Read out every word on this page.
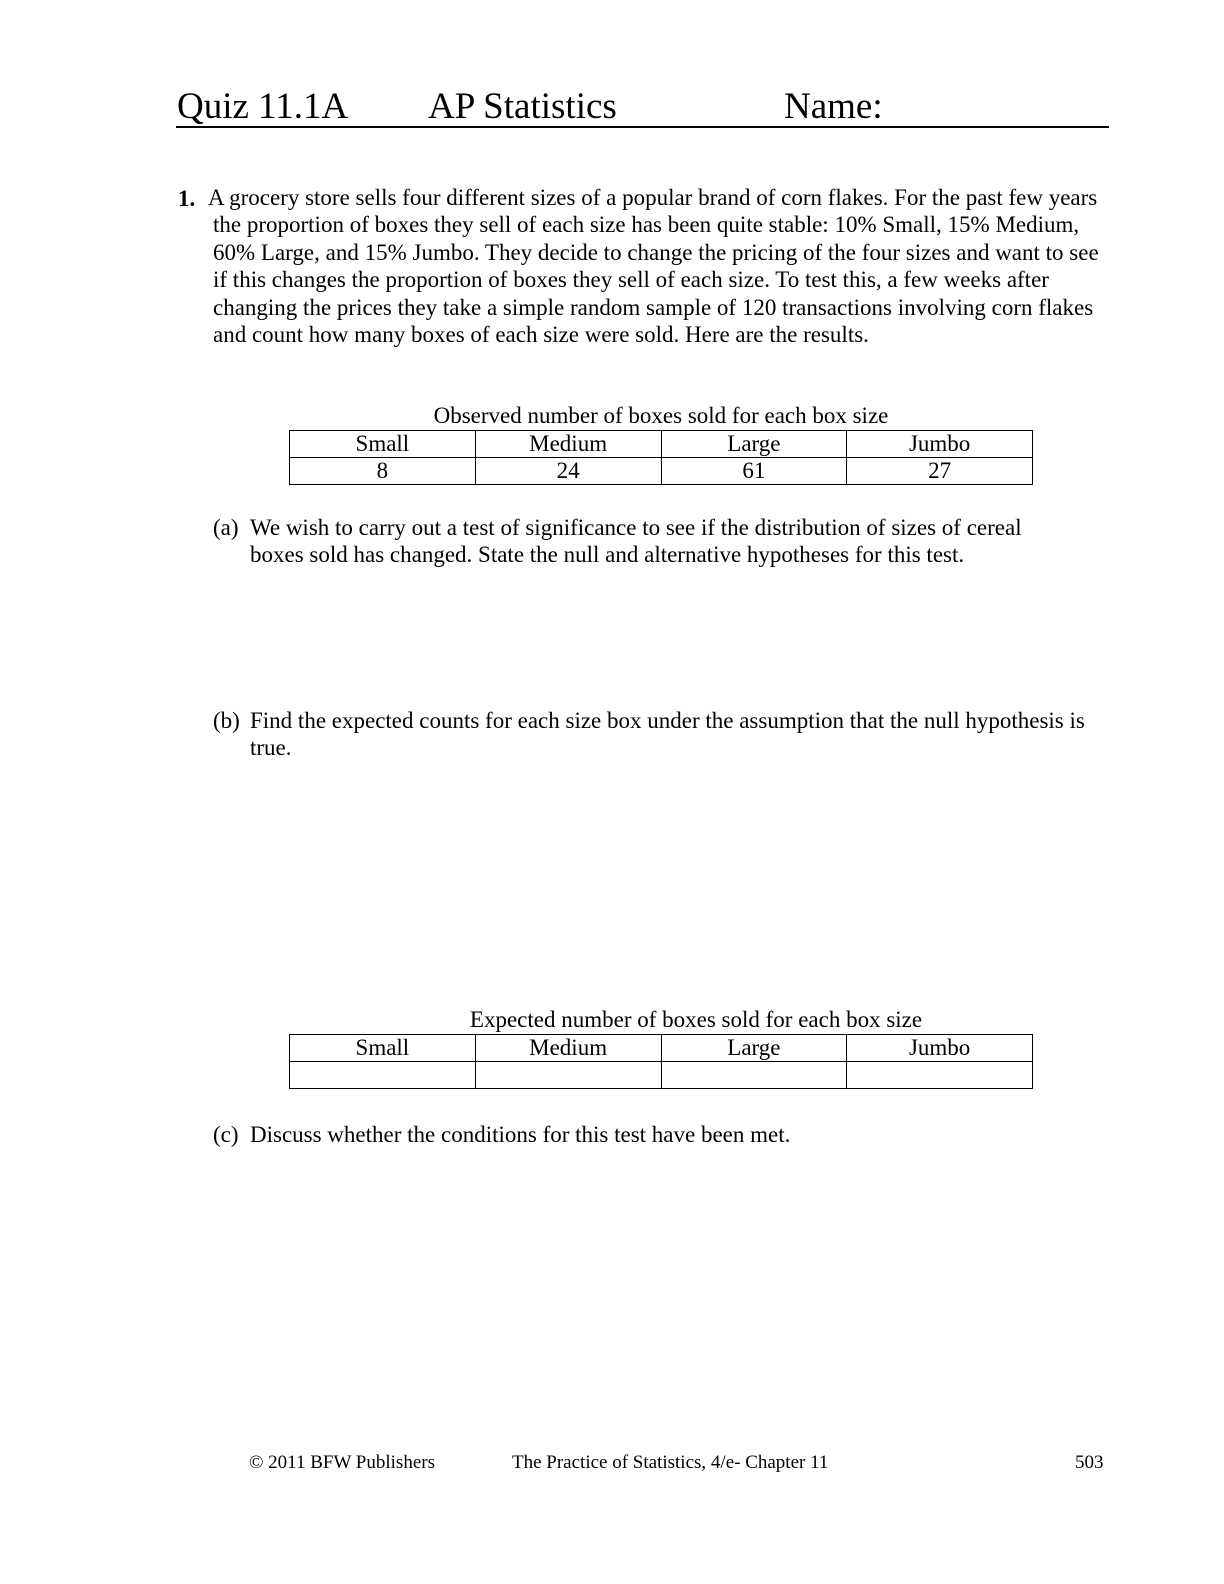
Quiz 11.1A AP Statistics	Name:
1. A grocery store sells four different sizes of a popular brand of corn flakes. For the past few years the proportion of boxes they sell of each size has been quite stable: 10% Small, 15% Medium, 60% Large, and 15% Jumbo. They decide to change the pricing of the four sizes and want to see if this changes the proportion of boxes they sell of each size. To test this, a few weeks after changing the prices they take a simple random sample of 120 transactions involving corn flakes and count how many boxes of each size were sold. Here are the results.
Observed number of boxes sold for each box size
Small	Medium	Large	Jumbo
8	24	61	27
(a) We wish to carry out a test of significance to see if the distribution of sizes of cereal boxes sold has changed. State the null and alternative hypotheses for this test.
(b) Find the expected counts for each size box under the assumption that the null hypothesis is true.
Expected number of boxes sold for each box size
Small	Medium	Large	Jumbo

(c) Discuss whether the conditions for this test have been met.
© 2011 BFW Publishers	The Practice of Statistics, 4/e- Chapter 11	503
